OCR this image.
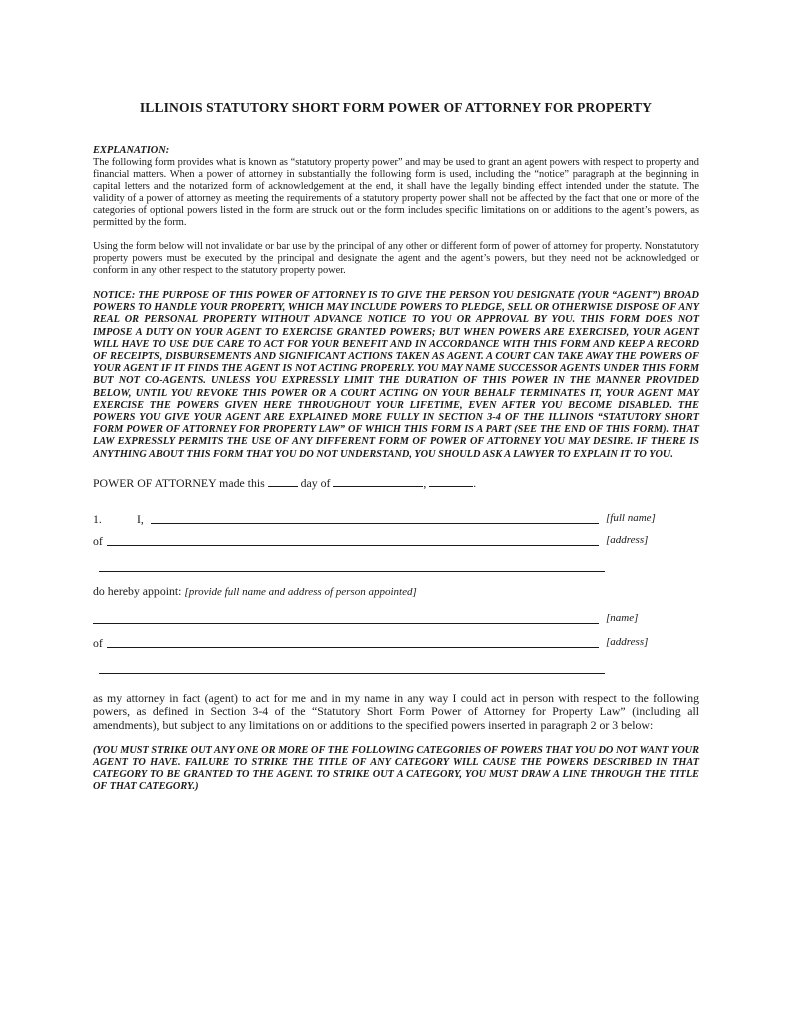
ILLINOIS STATUTORY SHORT FORM POWER OF ATTORNEY FOR PROPERTY
EXPLANATION:

The following form provides what is known as “statutory property power” and may be used to grant an agent powers with respect to property and financial matters. When a power of attorney in substantially the following form is used, including the “notice” paragraph at the beginning in capital letters and the notarized form of acknowledgement at the end, it shall have the legally binding effect intended under the statute. The validity of a power of attorney as meeting the requirements of a statutory property power shall not be affected by the fact that one or more of the categories of optional powers listed in the form are struck out or the form includes specific limitations on or additions to the agent’s powers, as permitted by the form.

Using the form below will not invalidate or bar use by the principal of any other or different form of power of attorney for property. Nonstatutory property powers must be executed by the principal and designate the agent and the agent’s powers, but they need not be acknowledged or conform in any other respect to the statutory property power.

NOTICE: THE PURPOSE OF THIS POWER OF ATTORNEY IS TO GIVE THE PERSON YOU DESIGNATE (YOUR “AGENT”) BROAD POWERS TO HANDLE YOUR PROPERTY, WHICH MAY INCLUDE POWERS TO PLEDGE, SELL OR OTHERWISE DISPOSE OF ANY REAL OR PERSONAL PROPERTY WITHOUT ADVANCE NOTICE TO YOU OR APPROVAL BY YOU. THIS FORM DOES NOT IMPOSE A DUTY ON YOUR AGENT TO EXERCISE GRANTED POWERS; BUT WHEN POWERS ARE EXERCISED, YOUR AGENT WILL HAVE TO USE DUE CARE TO ACT FOR YOUR BENEFIT AND IN ACCORDANCE WITH THIS FORM AND KEEP A RECORD OF RECEIPTS, DISBURSEMENTS AND SIGNIFICANT ACTIONS TAKEN AS AGENT. A COURT CAN TAKE AWAY THE POWERS OF YOUR AGENT IF IT FINDS THE AGENT IS NOT ACTING PROPERLY. YOU MAY NAME SUCCESSOR AGENTS UNDER THIS FORM BUT NOT CO-AGENTS. UNLESS YOU EXPRESSLY LIMIT THE DURATION OF THIS POWER IN THE MANNER PROVIDED BELOW, UNTIL YOU REVOKE THIS POWER OR A COURT ACTING ON YOUR BEHALF TERMINATES IT, YOUR AGENT MAY EXERCISE THE POWERS GIVEN HERE THROUGHOUT YOUR LIFETIME, EVEN AFTER YOU BECOME DISABLED. THE POWERS YOU GIVE YOUR AGENT ARE EXPLAINED MORE FULLY IN SECTION 3-4 OF THE ILLINOIS “STATUTORY SHORT FORM POWER OF ATTORNEY FOR PROPERTY LAW” OF WHICH THIS FORM IS A PART (SEE THE END OF THIS FORM). THAT LAW EXPRESSLY PERMITS THE USE OF ANY DIFFERENT FORM OF POWER OF ATTORNEY YOU MAY DESIRE. IF THERE IS ANYTHING ABOUT THIS FORM THAT YOU DO NOT UNDERSTAND, YOU SHOULD ASK A LAWYER TO EXPLAIN IT TO YOU.
POWER OF ATTORNEY made this	day of	,	.
1.	I,	[full name]
of	[address]
do hereby appoint: [provide full name and address of person appointed]
[name]
of	[address]
as my attorney in fact (agent) to act for me and in my name in any way I could act in person with respect to the following powers, as defined in Section 3-4 of the “Statutory Short Form Power of Attorney for Property Law” (including all amendments), but subject to any limitations on or additions to the specified powers inserted in paragraph 2 or 3 below:
(YOU MUST STRIKE OUT ANY ONE OR MORE OF THE FOLLOWING CATEGORIES OF POWERS THAT YOU DO NOT WANT YOUR AGENT TO HAVE. FAILURE TO STRIKE THE TITLE OF ANY CATEGORY WILL CAUSE THE POWERS DESCRIBED IN THAT CATEGORY TO BE GRANTED TO THE AGENT. TO STRIKE OUT A CATEGORY, YOU MUST DRAW A LINE THROUGH THE TITLE OF THAT CATEGORY.)
